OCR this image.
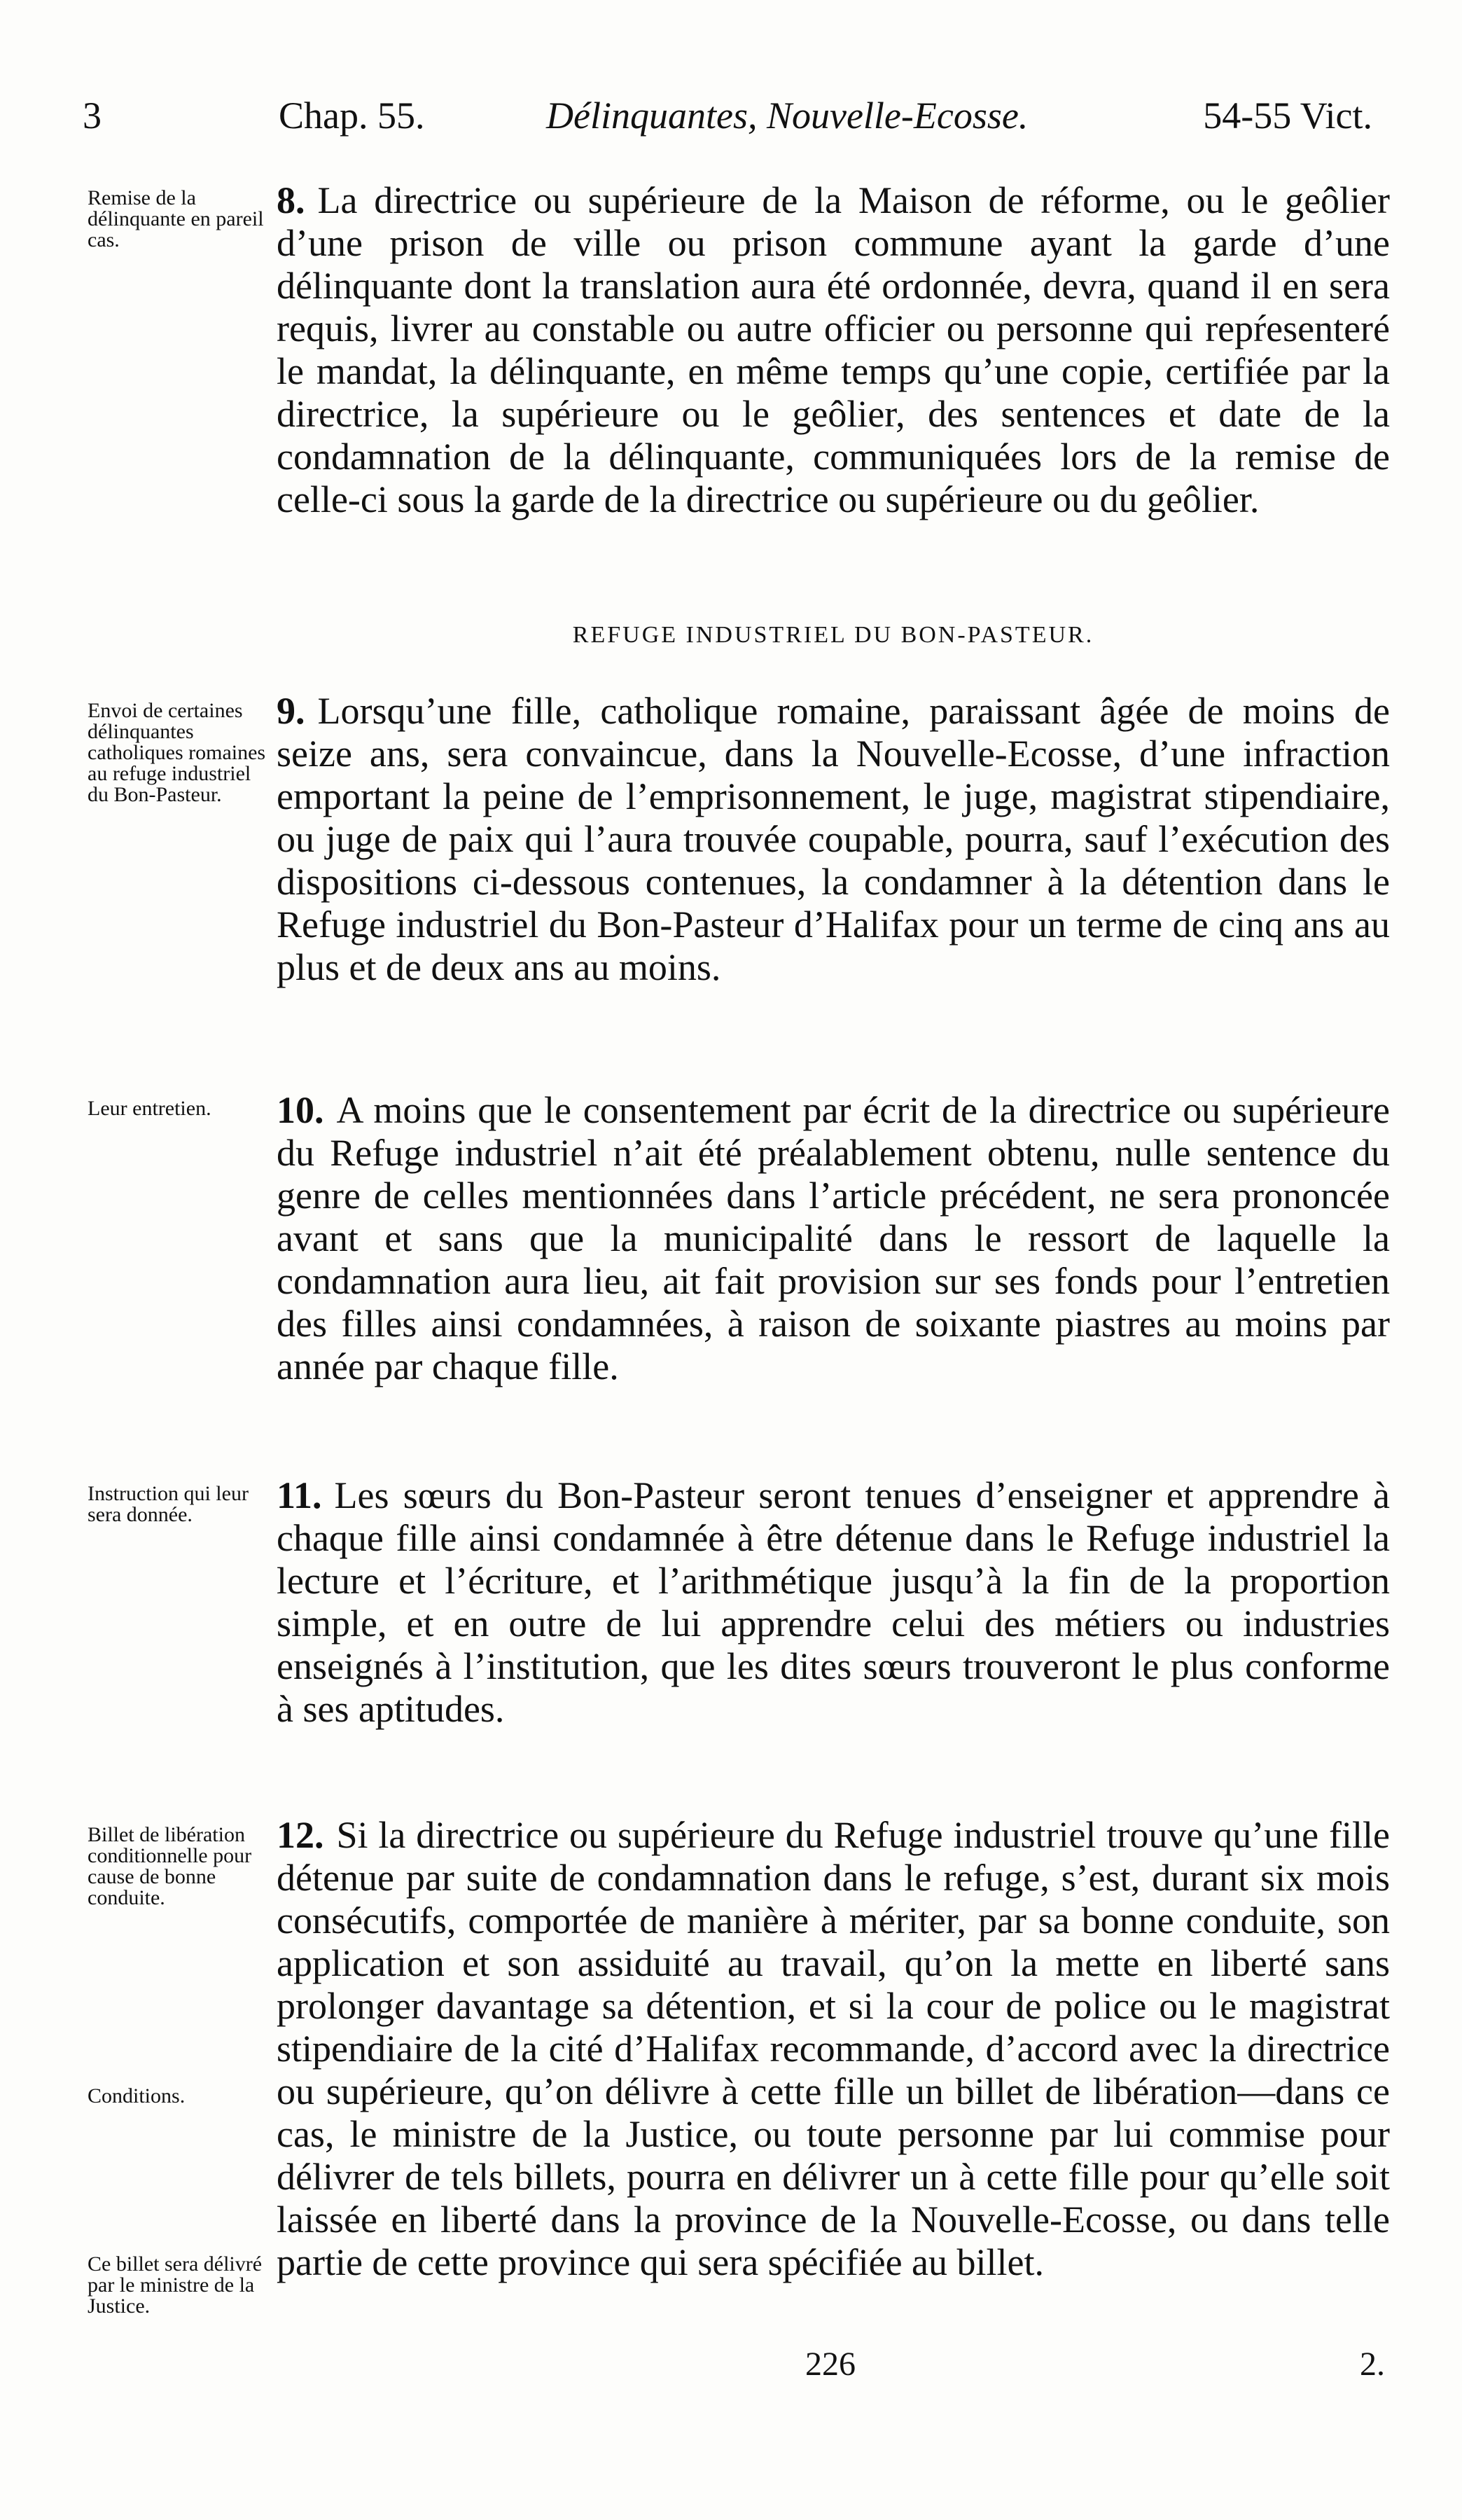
3	Chap. 55.	Délinquantes, Nouvelle-Ecosse.	54-55 Vict.
Remise de la délinquante en pareil cas.
8. La directrice ou supérieure de la Maison de réforme, ou le geôlier d’une prison de ville ou prison commune ayant la garde d’une délinquante dont la translation aura été ordonnée, devra, quand il en sera requis, livrer au constable ou autre officier ou personne qui repŕesenteré le mandat, la délinquante, en même temps qu’une copie, certifiée par la directrice, la supérieure ou le geôlier, des sentences et date de la condamnation de la délinquante, communiquées lors de la remise de celle-ci sous la garde de la directrice ou supérieure ou du geôlier.
REFUGE INDUSTRIEL DU BON-PASTEUR.
Envoi de certaines délinquantes catholiques romaines au refuge industriel du Bon-Pasteur.
9. Lorsqu’une fille, catholique romaine, paraissant âgée de moins de seize ans, sera convaincue, dans la Nouvelle-Ecosse, d’une infraction emportant la peine de l’emprisonnement, le juge, magistrat stipendiaire, ou juge de paix qui l’aura trouvée coupable, pourra, sauf l’exécution des dispositions ci-dessous contenues, la condamner à la détention dans le Refuge industriel du Bon-Pasteur d’Halifax pour un terme de cinq ans au plus et de deux ans au moins.
Leur entretien.	10. A moins que le consentement par écrit de la directrice ou supérieure du Refuge industriel n’ait été préalablement obtenu, nulle sentence du genre de celles mentionnées dans l’article précédent, ne sera prononcée avant et sans que la municipalité dans le ressort de laquelle la condamnation aura lieu, ait fait provision sur ses fonds pour l’entretien des filles ainsi condamnées, à raison de soixante piastres au moins par année par chaque fille.
Instruction qui leur sera donnée.	11. Les sœurs du Bon-Pasteur seront tenues d’enseigner et apprendre à chaque fille ainsi condamnée à être détenue dans le Refuge industriel la lecture et l’écriture, et l’arithmétique jusqu’à la fin de la proportion simple, et en outre de lui apprendre celui des métiers ou industries enseignés à l’institution, que les dites sœurs trouveront le plus conforme à ses aptitudes.
Billet de libération conditionnelle pour cause de bonne conduite.
Conditions.
Ce billet sera délivré par le ministre de la Justice.
12. Si la directrice ou supérieure du Refuge industriel trouve qu’une fille détenue par suite de condamnation dans le refuge, s’est, durant six mois consécutifs, comportée de manière à mériter, par sa bonne conduite, son application et son assiduité au travail, qu’on la mette en liberté sans prolonger davantage sa détention, et si la cour de police ou le magistrat stipendiaire de la cité d’Halifax recommande, d’accord avec la directrice ou supérieure, qu’on délivre à cette fille un billet de libération—dans ce cas, le ministre de la Justice, ou toute personne par lui commise pour délivrer de tels billets, pourra en délivrer un à cette fille pour qu’elle soit laissée en liberté dans la province de la Nouvelle-Ecosse, ou dans telle partie de cette province qui sera spécifiée au billet.
226	2.
